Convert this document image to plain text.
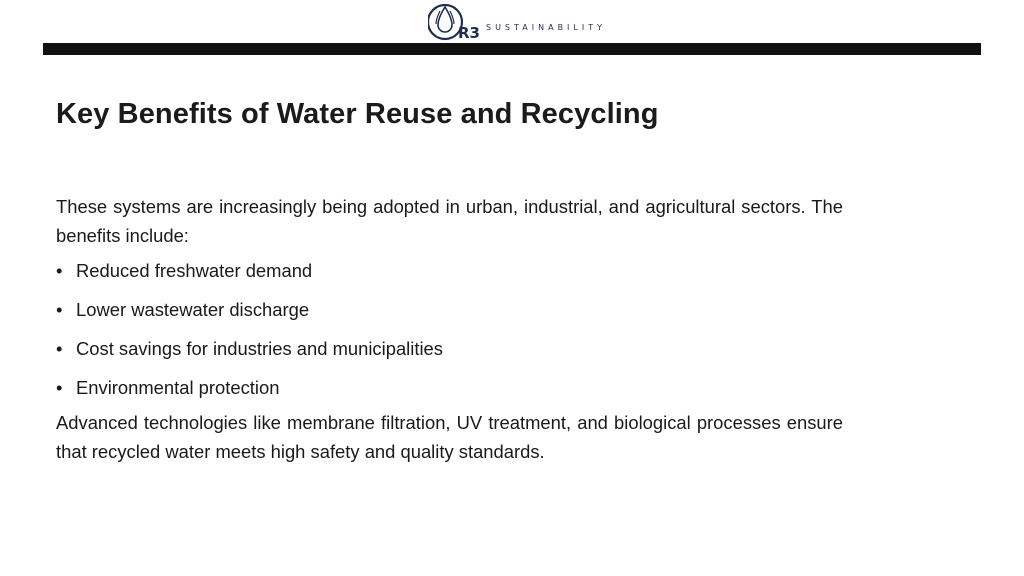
R3 SUSTAINABILITY
Key Benefits of Water Reuse and Recycling

These systems are increasingly being adopted in urban, industrial, and agricultural sectors. The benefits include:

• Reduced freshwater demand
• Lower wastewater discharge
• Cost savings for industries and municipalities
• Environmental protection

Advanced technologies like membrane filtration, UV treatment, and biological processes ensure that recycled water meets high safety and quality standards.
